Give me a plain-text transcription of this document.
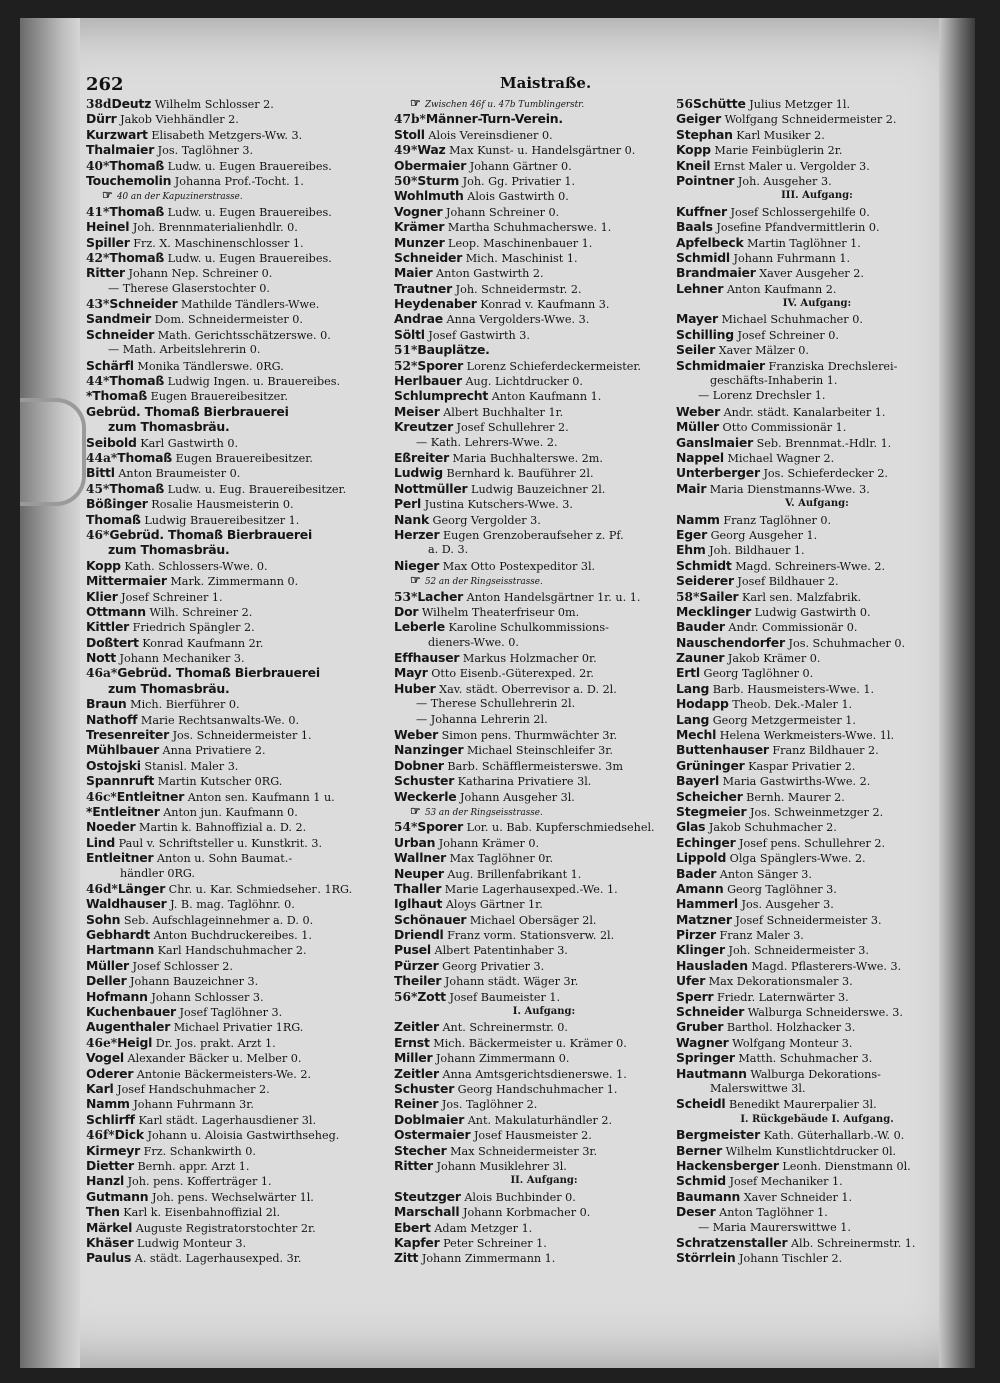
262	Maistraße.
38dDeutz Wilhelm Schlosser 2.
Dürr Jakob Viehhändler 2.
Kurzwart Elisabeth Metzgers-Ww. 3.
Thalmaier Jos. Taglöhner 3.
40*Thomaß Ludw. u. Eugen Brauereibes.
Touchemolin Johanna Prof.-Tocht. 1.
☞ 40 an der Kapuzinerstrasse.
41*Thomaß Ludw. u. Eugen Brauereibes.
Heinel Joh. Brennmaterialienhdlr. 0.
Spiller Frz. X. Maschinenschlosser 1.
42*Thomaß Ludw. u. Eugen Brauereibes.
Ritter Johann Nep. Schreiner 0.
— Therese Glaserstochter 0.
43*Schneider Mathilde Tändlers-Wwe.
Sandmeir Dom. Schneidermeister 0.
Schneider Math. Gerichtsschätzerswe. 0.
— Math. Arbeitslehrerin 0.
Schärfl Monika Tändlerswe. 0RG.
44*Thomaß Ludwig Ingen. u. Brauereibes.
*Thomaß Eugen Brauereibesitzer.
Gebrüd. Thomaß Bierbrauerei
zum Thomasbräu.
Seibold Karl Gastwirth 0.
44a*Thomaß Eugen Brauereibesitzer.
Bittl Anton Braumeister 0.
45*Thomaß Ludw. u. Eug. Brauereibesitzer.
Bößinger Rosalie Hausmeisterin 0.
Thomaß Ludwig Brauereibesitzer 1.
46*Gebrüd. Thomaß Bierbrauerei
zum Thomasbräu.
Kopp Kath. Schlossers-Wwe. 0.
Mittermaier Mark. Zimmermann 0.
Klier Josef Schreiner 1.
Ottmann Wilh. Schreiner 2.
Kittler Friedrich Spängler 2.
Doßtert Konrad Kaufmann 2r.
Nott Johann Mechaniker 3.
46a*Gebrüd. Thomaß Bierbrauerei
zum Thomasbräu.
Braun Mich. Bierführer 0.
Nathoff Marie Rechtsanwalts-We. 0.
Tresenreiter Jos. Schneidermeister 1.
Mühlbauer Anna Privatiere 2.
Ostojski Stanisl. Maler 3.
Spannruft Martin Kutscher 0RG.
46c*Entleitner Anton sen. Kaufmann 1 u.
*Entleitner Anton jun. Kaufmann 0.
Noeder Martin k. Bahnoffizial a. D. 2.
Lind Paul v. Schriftsteller u. Kunstkrit. 3.
Entleitner Anton u. Sohn Baumat.-
händler 0RG.
46d*Länger Chr. u. Kar. Schmiedsehег. 1RG.
Waldhauser J. B. mag. Taglöhnr. 0.
Sohn Seb. Aufschlageinnehmer a. D. 0.
Gebhardt Anton Buchdruckereibes. 1.
Hartmann Karl Handschuhmacher 2.
Müller Josef Schlosser 2.
Deller Johann Bauzeichner 3.
Hofmann Johann Schlosser 3.
Kuchenbauer Josef Taglöhner 3.
Augenthaler Michael Privatier 1RG.
46e*Heigl Dr. Jos. prakt. Arzt 1.
Vogel Alexander Bäcker u. Melber 0.
Oderer Antonie Bäckermeisters-We. 2.
Karl Josef Handschuhmacher 2.
Namm Johann Fuhrmann 3r.
Schlirff Karl städt. Lagerhausdiener 3l.
46f*Dick Johann u. Aloisia Gastwirthseheg.
Kirmeyr Frz. Schankwirth 0.
Dietter Bernh. appr. Arzt 1.
Hanzl Joh. pens. Kofferträger 1.
Gutmann Joh. pens. Wechselwärter 1l.
Then Karl k. Eisenbahnoffizial 2l.
Märkel Auguste Registratorstochter 2r.
Khäser Ludwig Monteur 3.
Paulus A. städt. Lagerhausexped. 3r.
☞ Zwischen 46f u. 47b Tumblingerstr.
47b*Männer-Turn-Verein.
Stoll Alois Vereinsdiener 0.
49*Waz Max Kunst- u. Handelsgärtner 0.
Obermaier Johann Gärtner 0.
50*Sturm Joh. Gg. Privatier 1.
Wohlmuth Alois Gastwirth 0.
Vogner Johann Schreiner 0.
Krämer Martha Schuhmacherswe. 1.
Munzer Leop. Maschinenbauer 1.
Schneider Mich. Maschinist 1.
Maier Anton Gastwirth 2.
Trautner Joh. Schneidermstr. 2.
Heydenaber Konrad v. Kaufmann 3.
Andrae Anna Vergolders-Wwe. 3.
Söltl Josef Gastwirth 3.
51*Bauplätze.
52*Sporer Lorenz Schieferdeckermeister.
Herlbauer Aug. Lichtdrucker 0.
Schlumprecht Anton Kaufmann 1.
Meiser Albert Buchhalter 1r.
Kreutzer Josef Schullehrer 2.
— Kath. Lehrers-Wwe. 2.
Eßreiter Maria Buchhalterswe. 2m.
Ludwig Bernhard k. Bauführer 2l.
Nottmüller Ludwig Bauzeichner 2l.
Perl Justina Kutschers-Wwe. 3.
Nank Georg Vergolder 3.
Herzer Eugen Grenzoberaufseher z. Pf.
a. D. 3.
Nieger Max Otto Postexpeditor 3l.
☞ 52 an der Ringseisstrasse.
53*Lacher Anton Handelsgärtner 1r. u. 1.
Dor Wilhelm Theaterfriseur 0m.
Leberle Karoline Schulkommissions-
dieners-Wwe. 0.
Effhauser Markus Holzmacher 0r.
Mayr Otto Eisenb.-Güterexped. 2r.
Huber Xav. städt. Oberrevisor a. D. 2l.
— Therese Schullehrerin 2l.
— Johanna Lehrerin 2l.
Weber Simon pens. Thurmwächter 3r.
Nanzinger Michael Steinschleifer 3r.
Dobner Barb. Schäfflermeisterswe. 3m
Schuster Katharina Privatiere 3l.
Weckerle Johann Ausgeher 3l.
☞ 53 an der Ringseisstrasse.
54*Sporer Lor. u. Bab. Kupferschmiedsehel.
Urban Johann Krämer 0.
Wallner Max Taglöhner 0r.
Neuper Aug. Brillenfabrikant 1.
Thaller Marie Lagerhausexped.-We. 1.
Iglhaut Aloys Gärtner 1r.
Schönauer Michael Obersäger 2l.
Driendl Franz vorm. Stationsverw. 2l.
Pusel Albert Patentinhaber 3.
Pürzer Georg Privatier 3.
Theiler Johann städt. Wäger 3r.
56*Zott Josef Baumeister 1.
I. Aufgang:
Zeitler Ant. Schreinermstr. 0.
Ernst Mich. Bäckermeister u. Krämer 0.
Miller Johann Zimmermann 0.
Zeitler Anna Amtsgerichtsdienerswe. 1.
Schuster Georg Handschuhmacher 1.
Reiner Jos. Taglöhner 2.
Doblmaier Ant. Makulaturhändler 2.
Ostermaier Josef Hausmeister 2.
Stecher Max Schneidermeister 3r.
Ritter Johann Musiklehrer 3l.
II. Aufgang:
Steutzger Alois Buchbinder 0.
Marschall Johann Korbmacher 0.
Ebert Adam Metzger 1.
Kapfer Peter Schreiner 1.
Zitt Johann Zimmermann 1.
56Schütte Julius Metzger 1l.
Geiger Wolfgang Schneidermeister 2.
Stephan Karl Musiker 2.
Kopp Marie Feinbüglerin 2r.
Kneil Ernst Maler u. Vergolder 3.
Pointner Joh. Ausgeher 3.
III. Aufgang:
Kuffner Josef Schlossergehilfe 0.
Baals Josefine Pfandvermittlerin 0.
Apfelbeck Martin Taglöhner 1.
Schmidl Johann Fuhrmann 1.
Brandmaier Xaver Ausgeher 2.
Lehner Anton Kaufmann 2.
IV. Aufgang:
Mayer Michael Schuhmacher 0.
Schilling Josef Schreiner 0.
Seiler Xaver Mälzer 0.
Schmidmaier Franziska Drechslerei-
geschäfts-Inhaberin 1.
— Lorenz Drechsler 1.
Weber Andr. städt. Kanalarbeiter 1.
Müller Otto Commissionär 1.
Ganslmaier Seb. Brennmat.-Hdlr. 1.
Nappel Michael Wagner 2.
Unterberger Jos. Schieferdecker 2.
Mair Maria Dienstmanns-Wwe. 3.
V. Aufgang:
Namm Franz Taglöhner 0.
Eger Georg Ausgeher 1.
Ehm Joh. Bildhauer 1.
Schmidt Magd. Schreiners-Wwe. 2.
Seiderer Josef Bildhauer 2.
58*Sailer Karl sen. Malzfabrik.
Mecklinger Ludwig Gastwirth 0.
Bauder Andr. Commissionär 0.
Nauschendorfer Jos. Schuhmacher 0.
Zauner Jakob Krämer 0.
Ertl Georg Taglöhner 0.
Lang Barb. Hausmeisters-Wwe. 1.
Hodapp Theob. Dek.-Maler 1.
Lang Georg Metzgermeister 1.
Mechl Helena Werkmeisters-Wwe. 1l.
Buttenhauser Franz Bildhauer 2.
Grüninger Kaspar Privatier 2.
Bayerl Maria Gastwirths-Wwe. 2.
Scheicher Bernh. Maurer 2.
Stegmeier Jos. Schweinmetzger 2.
Glas Jakob Schuhmacher 2.
Echinger Josef pens. Schullehrer 2.
Lippold Olga Spänglers-Wwe. 2.
Bader Anton Sänger 3.
Amann Georg Taglöhner 3.
Hammerl Jos. Ausgeher 3.
Matzner Josef Schneidermeister 3.
Pirzer Franz Maler 3.
Klinger Joh. Schneidermeister 3.
Hausladen Magd. Pflasterers-Wwe. 3.
Ufer Max Dekorationsmaler 3.
Sperr Friedr. Laternwärter 3.
Schneider Walburga Schneiderswe. 3.
Gruber Barthol. Holzhacker 3.
Wagner Wolfgang Monteur 3.
Springer Matth. Schuhmacher 3.
Hautmann Walburga Dekorations-
Malerswittwe 3l.
Scheidl Benedikt Maurerpalier 3l.
I. Rückgebäude I. Aufgang.
Bergmeister Kath. Güterhallarb.-W. 0.
Berner Wilhelm Kunstlichtdrucker 0l.
Hackensberger Leonh. Dienstmann 0l.
Schmid Josef Mechaniker 1.
Baumann Xaver Schneider 1.
Deser Anton Taglöhner 1.
— Maria Maurerswittwe 1.
Schratzenstaller Alb. Schreinermstr. 1.
Störrlein Johann Tischler 2.
